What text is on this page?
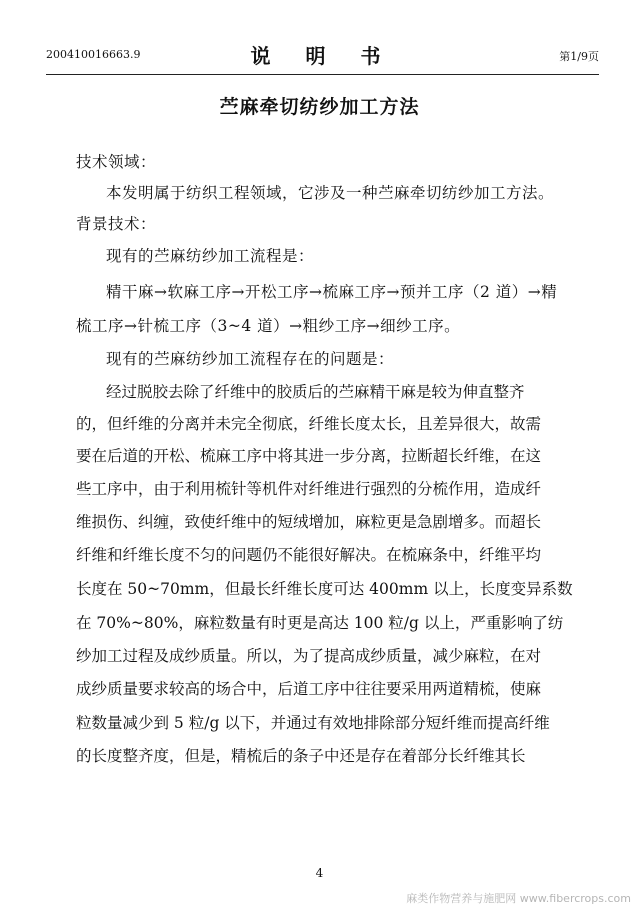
200410016663.9	说 明 书	第1/9页
苎麻牵切纺纱加工方法
技术领域：
本发明属于纺织工程领域，它涉及一种苎麻牵切纺纱加工方法。
背景技术：
现有的苎麻纺纱加工流程是：
精干麻→软麻工序→开松工序→梳麻工序→预并工序（2 道）→精
梳工序→针梳工序（3~4 道）→粗纱工序→细纱工序。
现有的苎麻纺纱加工流程存在的问题是：
经过脱胶去除了纤维中的胶质后的苎麻精干麻是较为伸直整齐
的，但纤维的分离并未完全彻底，纤维长度太长，且差异很大，故需
要在后道的开松、梳麻工序中将其进一步分离，拉断超长纤维，在这
些工序中，由于利用梳针等机件对纤维进行强烈的分梳作用，造成纤
维损伤、纠缠，致使纤维中的短绒增加，麻粒更是急剧增多。而超长
纤维和纤维长度不匀的问题仍不能很好解决。在梳麻条中，纤维平均
长度在 50~70mm，但最长纤维长度可达 400mm 以上，长度变异系数
在 70%~80%，麻粒数量有时更是高达 100 粒/g 以上，严重影响了纺
纱加工过程及成纱质量。所以，为了提高成纱质量，减少麻粒，在对
成纱质量要求较高的场合中，后道工序中往往要采用两道精梳，使麻
粒数量减少到 5 粒/g 以下，并通过有效地排除部分短纤维而提高纤维
的长度整齐度，但是，精梳后的条子中还是存在着部分长纤维其长
4
麻类作物营养与施肥网 www.fibercrops.com
